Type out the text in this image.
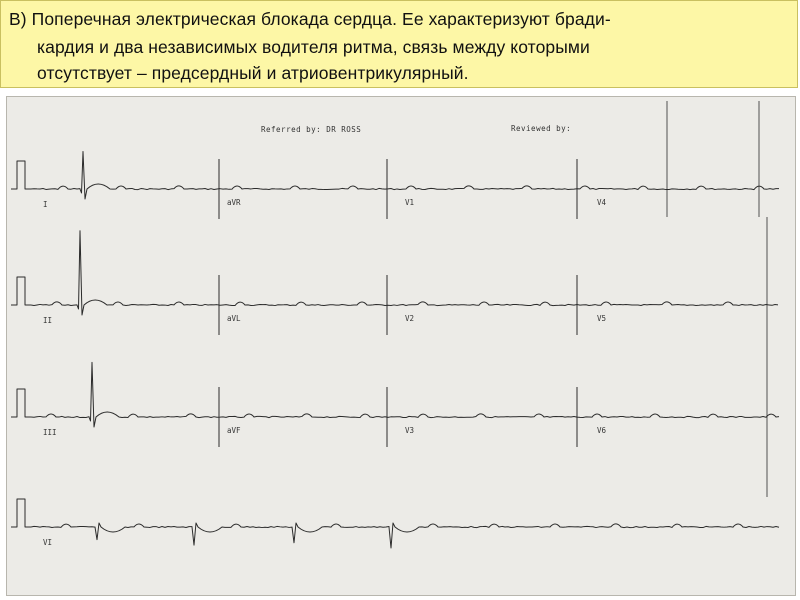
B) Поперечная электрическая блокада сердца. Ее характеризуют бради-
кардия и два независимых водителя ритма, связь между которыми
отсутствует – предсердный и атриовентрикулярный.
Referred by: DR ROSS	Reviewed by:
I	aVR	V1	V4
II	aVL	V2	V5
III	aVF	V3	V6
VI
